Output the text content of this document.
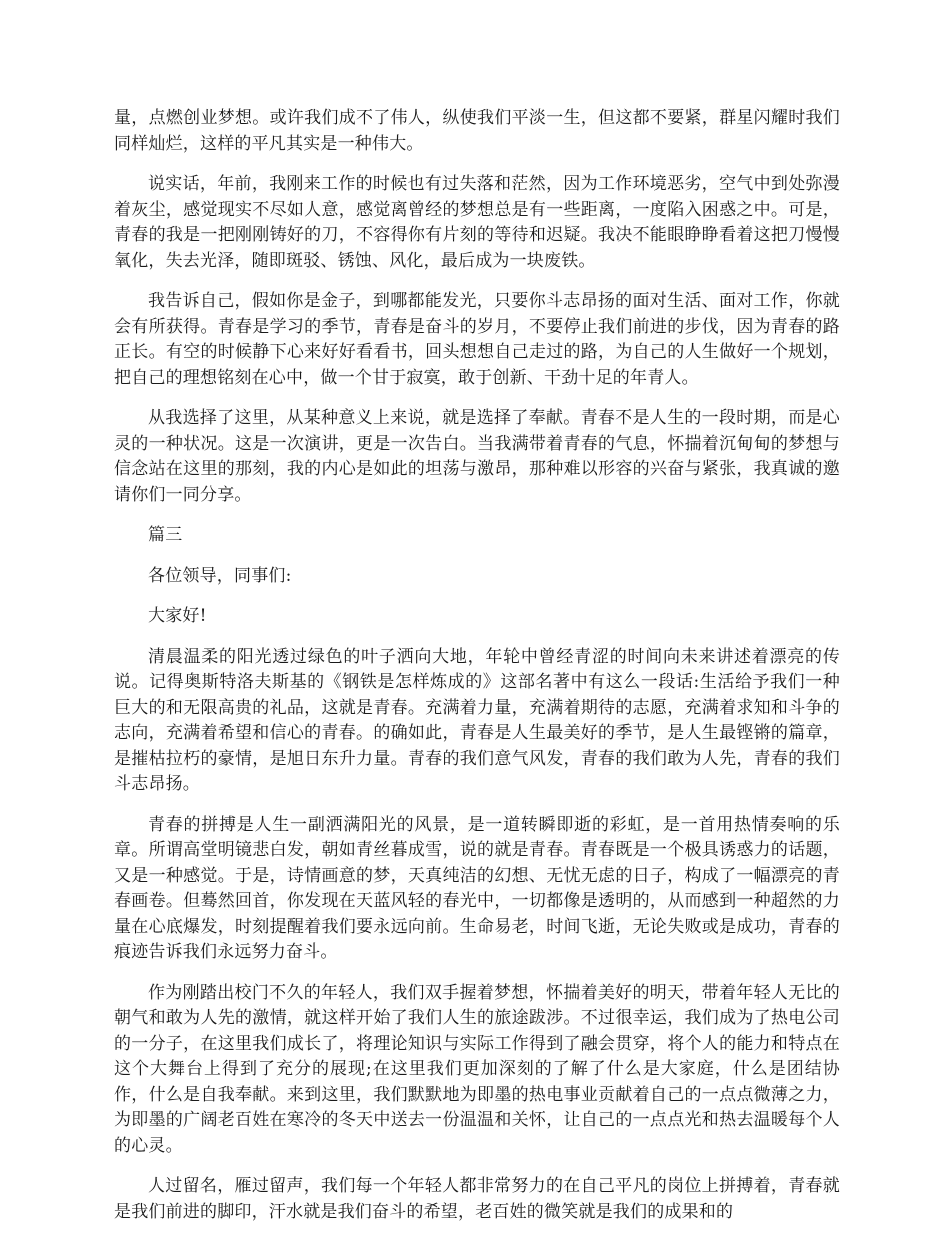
量，点燃创业梦想。或许我们成不了伟人，纵使我们平淡一生，但这都不要紧，群星闪耀时我们同样灿烂，这样的平凡其实是一种伟大。

说实话，年前，我刚来工作的时候也有过失落和茫然，因为工作环境恶劣，空气中到处弥漫着灰尘，感觉现实不尽如人意，感觉离曾经的梦想总是有一些距离，一度陷入困惑之中。可是，青春的我是一把刚刚铸好的刀，不容得你有片刻的等待和迟疑。我决不能眼睁睁看着这把刀慢慢氧化，失去光泽，随即斑驳、锈蚀、风化，最后成为一块废铁。

我告诉自己，假如你是金子，到哪都能发光，只要你斗志昂扬的面对生活、面对工作，你就会有所获得。青春是学习的季节，青春是奋斗的岁月，不要停止我们前进的步伐，因为青春的路正长。有空的时候静下心来好好看看书，回头想想自己走过的路，为自己的人生做好一个规划，把自己的理想铭刻在心中，做一个甘于寂寞，敢于创新、干劲十足的年青人。

从我选择了这里，从某种意义上来说，就是选择了奉献。青春不是人生的一段时期，而是心灵的一种状况。这是一次演讲，更是一次告白。当我满带着青春的气息，怀揣着沉甸甸的梦想与信念站在这里的那刻，我的内心是如此的坦荡与激昂，那种难以形容的兴奋与紧张，我真诚的邀请你们一同分享。

篇三

各位领导，同事们:

大家好!

清晨温柔的阳光透过绿色的叶子洒向大地，年轮中曾经青涩的时间向未来讲述着漂亮的传说。记得奥斯特洛夫斯基的《钢铁是怎样炼成的》这部名著中有这么一段话:生活给予我们一种巨大的和无限高贵的礼品，这就是青春。充满着力量，充满着期待的志愿，充满着求知和斗争的志向，充满着希望和信心的青春。的确如此，青春是人生最美好的季节，是人生最铿锵的篇章，是摧枯拉朽的豪情，是旭日东升力量。青春的我们意气风发，青春的我们敢为人先，青春的我们斗志昂扬。

青春的拼搏是人生一副洒满阳光的风景，是一道转瞬即逝的彩虹，是一首用热情奏响的乐章。所谓高堂明镜悲白发，朝如青丝暮成雪，说的就是青春。青春既是一个极具诱惑力的话题，又是一种感觉。于是，诗情画意的梦，天真纯洁的幻想、无忧无虑的日子，构成了一幅漂亮的青春画卷。但蓦然回首，你发现在天蓝风轻的春光中，一切都像是透明的，从而感到一种超然的力量在心底爆发，时刻提醒着我们要永远向前。生命易老，时间飞逝，无论失败或是成功，青春的痕迹告诉我们永远努力奋斗。

作为刚踏出校门不久的年轻人，我们双手握着梦想，怀揣着美好的明天，带着年轻人无比的朝气和敢为人先的激情，就这样开始了我们人生的旅途跋涉。不过很幸运，我们成为了热电公司的一分子，在这里我们成长了，将理论知识与实际工作得到了融会贯穿，将个人的能力和特点在这个大舞台上得到了充分的展现;在这里我们更加深刻的了解了什么是大家庭，什么是团结协作，什么是自我奉献。来到这里，我们默默地为即墨的热电事业贡献着自己的一点点微薄之力，为即墨的广阔老百姓在寒冷的冬天中送去一份温温和关怀，让自己的一点点光和热去温暖每个人的心灵。

人过留名，雁过留声，我们每一个年轻人都非常努力的在自己平凡的岗位上拼搏着，青春就是我们前进的脚印，汗水就是我们奋斗的希望，老百姓的微笑就是我们的成果和的
